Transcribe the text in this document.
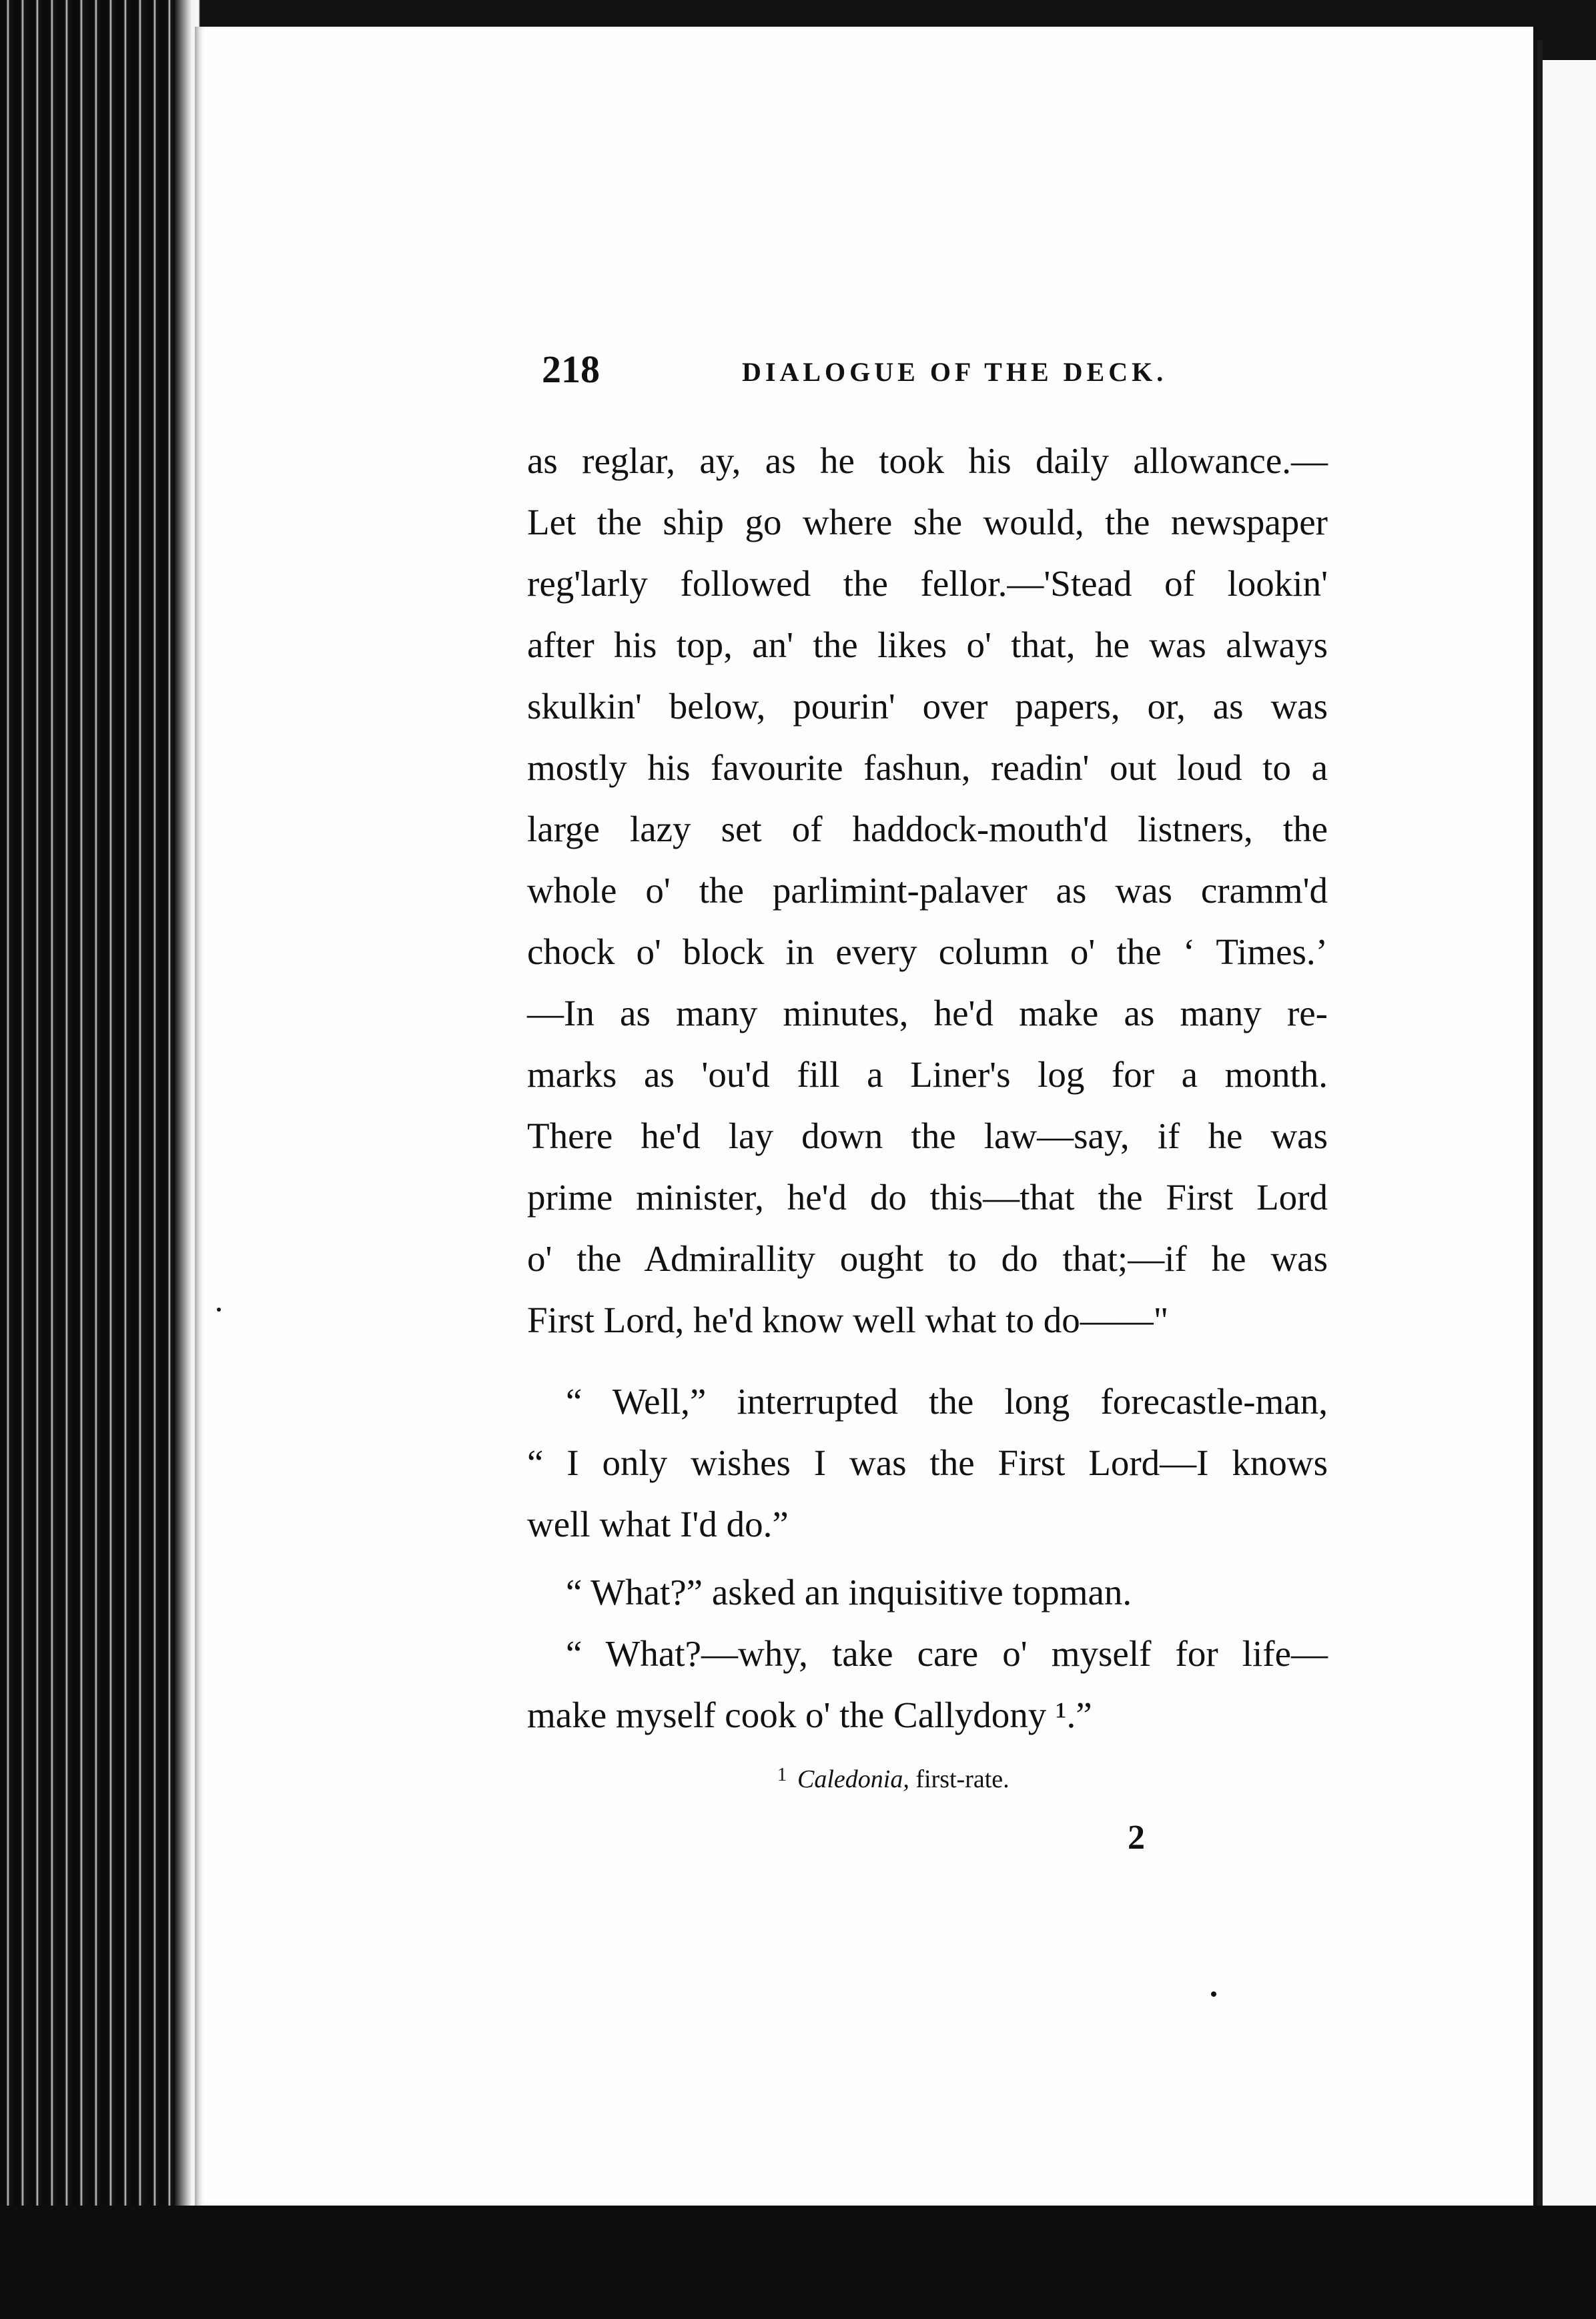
218	DIALOGUE OF THE DECK.
as reglar, ay, as he took his daily allowance.—
Let the ship go where she would, the newspaper
reg'larly followed the fellor.—'Stead of lookin'
after his top, an' the likes o' that, he was always
skulkin' below, pourin' over papers, or, as was
mostly his favourite fashun, readin' out loud to a
large lazy set of haddock-mouth'd listners, the
whole o' the parlimint-palaver as was cramm'd
chock o' block in every column o' the ‘ Times.’
—In as many minutes, he'd make as many re-
marks as 'ou'd fill a Liner's log for a month.
There he'd lay down the law—say, if he was
prime minister, he'd do this—that the First Lord
o' the Admirallity ought to do that;—if he was
First Lord, he'd know well what to do——"
“ Well,” interrupted the long forecastle-man,
“ I only wishes I was the First Lord—I knows
well what I'd do.”
“ What?” asked an inquisitive topman.
“ What?—why, take care o' myself for life—
make myself cook o' the Callydony ¹.”
$^1$ Caledonia, first-rate.
2
